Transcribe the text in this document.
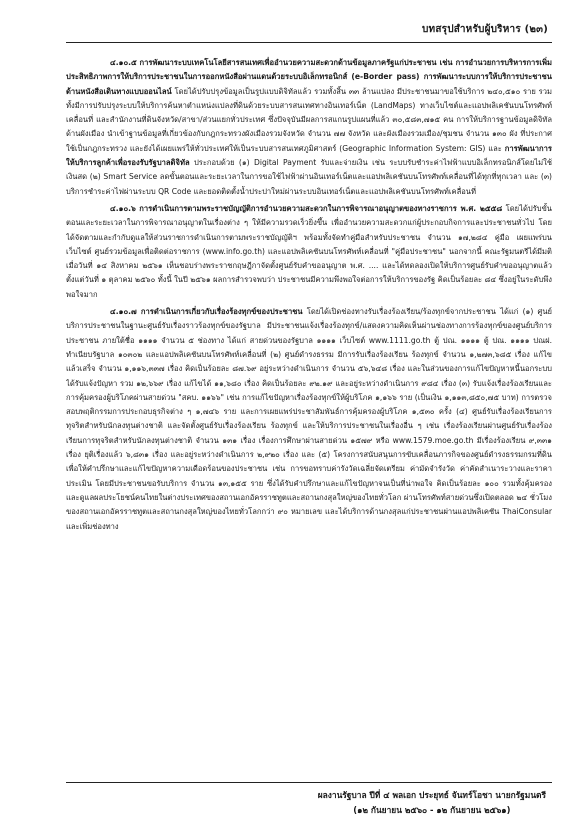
บทสรุปสำหรับผู้บริหาร (๒๓)

๔.๑๐.๕ การพัฒนาระบบเทคโนโลยีสารสนเทศเพื่ออำนวยความสะดวกด้านข้อมูลภาครัฐแก่ประชาชน เช่น การอำนวยการบริหารการเพิ่มประสิทธิภาพการให้บริการประชาชนในการออกหนังสือผ่านแดนด้วยระบบอิเล็กทรอนิกส์ (e-Border pass) การพัฒนาระบบการให้บริการประชาชนด้านหนังสือเดินทางแบบออนไลน์ โดยได้ปรับปรุงข้อมูลเป็นรูปแบบดิจิทัลแล้ว รวมทั้งสิ้น ๓๓ ล้านแปลง มีประชาชนมาขอใช้บริการ ๒๔๐,๕๑๐ ราย รวมทั้งมีการปรับปรุงระบบให้บริการค้นหาตำแหน่งแปลงที่ดินด้วยระบบสารสนเทศทางอินเทอร์เน็ต (LandMaps) ทางเว็บไซต์และแอปพลิเคชันบนโทรศัพท์เคลื่อนที่ และสำนักงานที่ดินจังหวัด/สาขา/ส่วนแยกทั่วประเทศ ซึ่งปัจจุบันมีผลการสแกนรูปแผนที่แล้ว ๓๐,๕๘๓,๗๑๕ คน การให้บริการฐานข้อมูลดิจิทัลด้านผังเมือง นำเข้าฐานข้อมูลที่เกี่ยวข้องกับกฎกระทรวงผังเมืองรวมจังหวัด จำนวน ๗๗ จังหวัด และผังเมืองรวมเมือง/ชุมชน จำนวน ๑๓๐ ผัง ที่ประกาศใช้เป็นกฎกระทรวง และยังได้เผยแพร่ให้ทั่วประเทศให้เป็นระบบสารสนเทศภูมิศาสตร์ (Geographic Information System: GIS) และ การพัฒนาการให้บริการลูกค้าเพื่อรองรับรัฐบาลดิจิทัล ประกอบด้วย (๑) Digital Payment รับและจ่ายเงิน เช่น ระบบรับชำระค่าไฟฟ้าแบบอิเล็กทรอนิกส์โดยไม่ใช้เงินสด (๒) Smart Service ลดขั้นตอนและระยะเวลาในการขอใช้ไฟฟ้าผ่านอินเทอร์เน็ตและแอปพลิเคชันบนโทรศัพท์เคลื่อนที่ได้ทุกที่ทุกเวลา และ (๓) บริการชำระค่าไฟผ่านระบบ QR Code และยอดติดตั้งน้ำประปาใหม่ผ่านระบบอินเทอร์เน็ตและแอปพลิเคชันบนโทรศัพท์เคลื่อนที่

๔.๑๐.๖ การดำเนินการตามพระราชบัญญัติการอำนวยความสะดวกในการพิจารณาอนุญาตของทางราชการ พ.ศ. ๒๕๕๘ โดยได้ปรับขั้นตอนและระยะเวลาในการพิจารณาอนุญาตในเรื่องต่าง ๆ ให้มีความรวดเร็วยิ่งขึ้น เพื่ออำนวยความสะดวกแก่ผู้ประกอบกิจการและประชาชนทั่วไป โดยได้จัดตามและกำกับดูแลให้ส่วนราชการดำเนินการตามพระราชบัญญัติฯ พร้อมทั้งจัดทำคู่มือสำหรับประชาชน จำนวน ๑๗,๒๘๔ คู่มือ เผยแพร่บนเว็บไซต์ ศูนย์รวมข้อมูลเพื่อติดต่อราชการ (www.info.go.th) และแอปพลิเคชันบนโทรศัพท์เคลื่อนที่ "คู่มือประชาชน" นอกจากนี้ คณะรัฐมนตรีได้มีมติเมื่อวันที่ ๑๔ สิงหาคม ๒๕๖๑ เห็นชอบร่างพระราชกฤษฎีกาจัดตั้งศูนย์รับคำขออนุญาต พ.ศ. .... และได้ทดลองเปิดให้บริการศูนย์รับคำขออนุญาตแล้ว ตั้งแต่วันที่ ๑ ตุลาคม ๒๕๖๐ ทั้งนี้ ในปี ๒๕๖๑ ผลการสำรวจพบว่า ประชาชนมีความพึงพอใจต่อการให้บริการของรัฐ คิดเป็นร้อยละ ๘๔ ซึ่งอยู่ในระดับพึงพอใจมาก

๔.๑๐.๗ การดำเนินการเกี่ยวกับเรื่องร้องทุกข์ของประชาชน โดยได้เปิดช่องทางรับเรื่องร้องเรียน/ร้องทุกข์จากประชาชน ได้แก่ (๑) ศูนย์บริการประชาชนในฐานะศูนย์รับเรื่องราวร้องทุกข์ของรัฐบาล มีประชาชนแจ้งเรื่องร้องทุกข์/แสดงความคิดเห็นผ่านช่องทางการร้องทุกข์ของศูนย์บริการประชาชน ภายใต้ชื่อ ๑๑๑๑ จำนวน ๕ ช่องทาง ได้แก่ สายด่วนของรัฐบาล ๑๑๑๑ เว็บไซต์ www.1111.go.th ตู้ ปณ. ๑๑๑๑ ตู้ ปณ. ๑๑๑๑ ปณฝ. ทำเนียบรัฐบาล ๑๐๓๐๒ และแอปพลิเคชันบนโทรศัพท์เคลื่อนที่ (๒) ศูนย์ดำรงธรรม มีการรับเรื่องร้องเรียน ร้องทุกข์ จำนวน ๑,๒๗๓,๖๘๕ เรื่อง แก้ไขแล้วเสร็จ จำนวน ๑,๑๑๖,๓๓๗ เรื่อง คิดเป็นร้อยละ ๘๗.๖๙ อยู่ระหว่างดำเนินการ จำนวน ๕๖,๖๔๘ เรื่อง และในส่วนของการแก้ไขปัญหาหนี้นอกระบบ ได้รับแจ้งปัญหา รวม ๑๒,๖๖๙ เรื่อง แก้ไขได้ ๑๑,๖๘๐ เรื่อง คิดเป็นร้อยละ ๙๒.๑๙ และอยู่ระหว่างดำเนินการ ๙๘๔ เรื่อง (๓) รับแจ้งเรื่องร้องเรียนและการคุ้มครองผู้บริโภคผ่านสายด่วน "สคบ. ๑๑๖๖" เช่น การแก้ไขปัญหาเรื่องร้องทุกข์ให้ผู้บริโภค ๑,๑๖๖ ราย (เป็นเงิน ๑,๑๑๓,๘๕๐,๗๕ บาท) การตรวจสอบพฤติกรรมการประกอบธุรกิจต่าง ๆ ๑,๗๔๖ ราย และการเผยแพร่ประชาสัมพันธ์การคุ้มครองผู้บริโภค ๑,๕๓๐ ครั้ง (๔) ศูนย์รับเรื่องร้องเรียนการทุจริตสำหรับนักลงทุนต่างชาติ และจัดตั้งศูนย์รับเรื่องร้องเรียน ร้องทุกข์ และให้บริการประชาชนในเรื่องอื่น ๆ เช่น เรื่องร้องเรียนผ่านศูนย์รับเรื่องร้องเรียนการทุจริตสำหรับนักลงทุนต่างชาติ จำนวน ๑๓๑ เรื่อง เรื่องการศึกษาผ่านสายด่วน ๑๕๗๙ หรือ www.1579.moe.go.th มีเรื่องร้องเรียน ๙,๓๓๑ เรื่อง ยุติเรื่องแล้ว ๖,๘๓๑ เรื่อง และอยู่ระหว่างดำเนินการ ๒,๙๒๐ เรื่อง และ (๕) โครงการสนับสนุนการขับเคลื่อนภารกิจของศูนย์ดำรงธรรมกรมที่ดิน เพื่อให้คำปรึกษาและแก้ไขปัญหาความเดือดร้อนของประชาชน เช่น การขอทราบค่ารังวัดเฉลี่ยจัดเตรียม ค่ามัดจำรังวัด ค่าคัดสำเนาระวางและราคาประเมิน โดยมีประชาชนขอรับบริการ จำนวน ๑๓,๑๕๕ ราย ซึ่งได้รับคำปรึกษาและแก้ไขปัญหาจนเป็นที่น่าพอใจ คิดเป็นร้อยละ ๑๐๐ รวมทั้งคุ้มครองและดูแลผลประโยชน์คนไทยในต่างประเทศของสถานเอกอัครราชทูตและสถานกงสุลใหญ่ของไทยทั่วโลก ผ่านโทรศัพท์สายด่วนซึ่งเปิดตลอด ๒๔ ชั่วโมงของสถานเอกอัครราชทูตและสถานกงสุลใหญ่ของไทยทั่วโลกกว่า ๙๐ หมายเลข และได้บริการด้านกงสุลแก่ประชาชนผ่านแอปพลิเคชัน ThaiConsular และเพิ่มช่องทาง

ผลงานรัฐบาล ปีที่ ๔ พลเอก ประยุทธ์ จันทร์โอชา นายกรัฐมนตรี
(๑๒ กันยายน ๒๕๖๐ - ๑๒ กันยายน ๒๕๖๑)
